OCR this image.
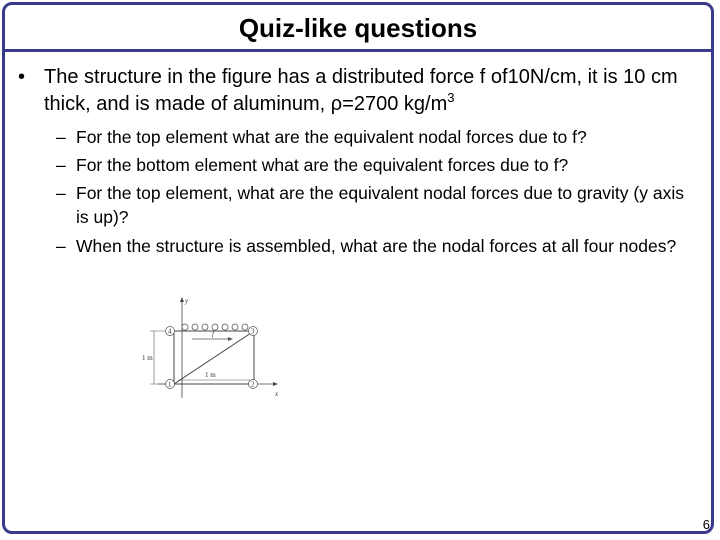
Quiz-like questions
• The structure in the figure has a distributed force f of10N/cm, it is 10 cm thick, and is made of aluminum, ρ=2700 $kg/m^3$
– For the top element what are the equivalent nodal forces due to f?
– For the bottom element what are the equivalent forces due to f?
– For the top element, what are the equivalent nodal forces due to gravity (y axis is up)?
– When the structure is assembled, what are the nodal forces at all four nodes?
y
x
f
1 m
1 m
1	2
3
4
6
